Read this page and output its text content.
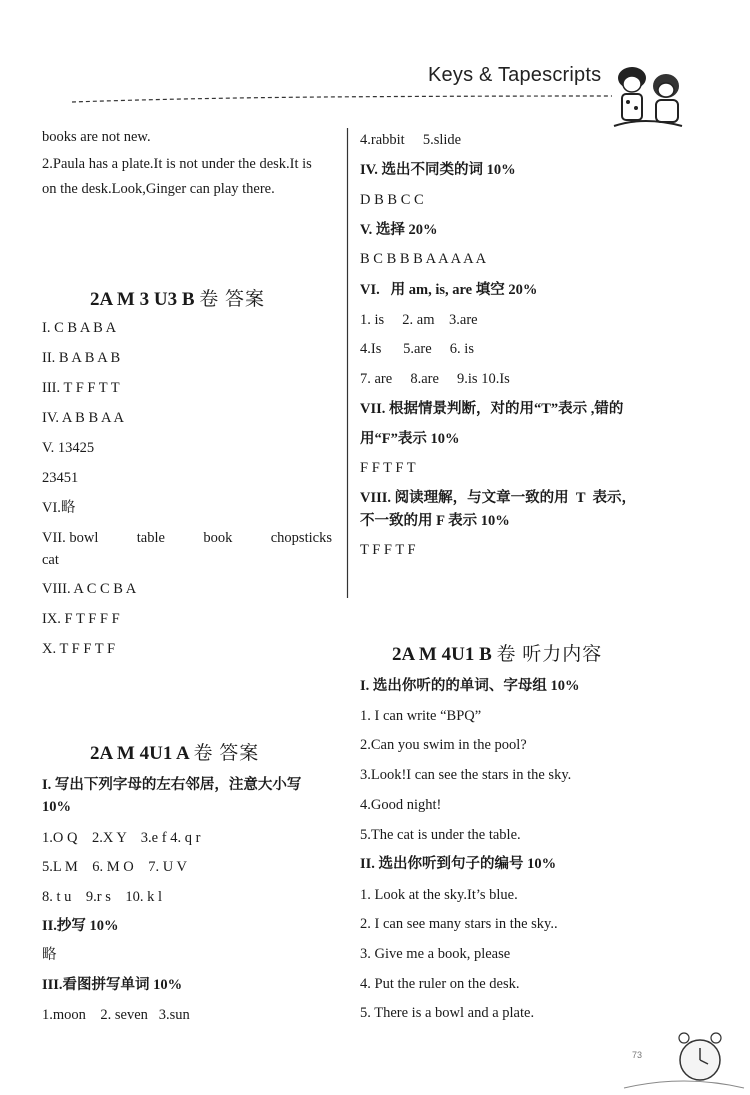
Keys & Tapescripts
books are not new.
2.Paula has a plate.It is not under the desk.It is
on the desk.Look,Ginger can play there.
2A M 3 U3 B 卷 答案
I. C B A B A
II. B A B A B
III. T F F T T
IV. A B B A A
V. 13425
23451
VI.略
VII. bowl	table	book	chopsticks
cat
VIII. A C C B A
IX. F T F F F
X. T F F T F
2A M 4U1 A 卷 答案
I. 写出下列字母的左右邻居，注意大小写
10%
1.O Q    2.X Y    3.e f 4. q r
5.L M    6. M O    7. U V
8. t u    9.r s    10. k l
II.抄写 10%
略
III.看图拼写单词 10%
1.moon    2. seven   3.sun
4.rabbit     5.slide
IV. 选出不同类的词 10%
D B B C C
V. 选择 20%
B C B B B A A A A A
VI.   用 am, is, are 填空 20%
1. is     2. am    3.are
4.Is      5.are     6. is
7. are     8.are     9.is 10.Is
VII. 根据情景判断，对的用“T”表示 ,错的
用“F”表示 10%
F F T F T
VIII. 阅读理解，与文章一致的用  T  表示，
不一致的用 F 表示 10%
T F F T F
2A M 4U1 B 卷 听力内容
I. 选出你听的的单词、字母组 10%
1. I can write “BPQ”
2.Can you swim in the pool?
3.Look!I can see the stars in the sky.
4.Good night!
5.The cat is under the table.
II. 选出你听到句子的编号 10%
1. Look at the sky.It’s blue.
2. I can see many stars in the sky..
3. Give me a book, please
4. Put the ruler on the desk.
5. There is a bowl and a plate.
73
